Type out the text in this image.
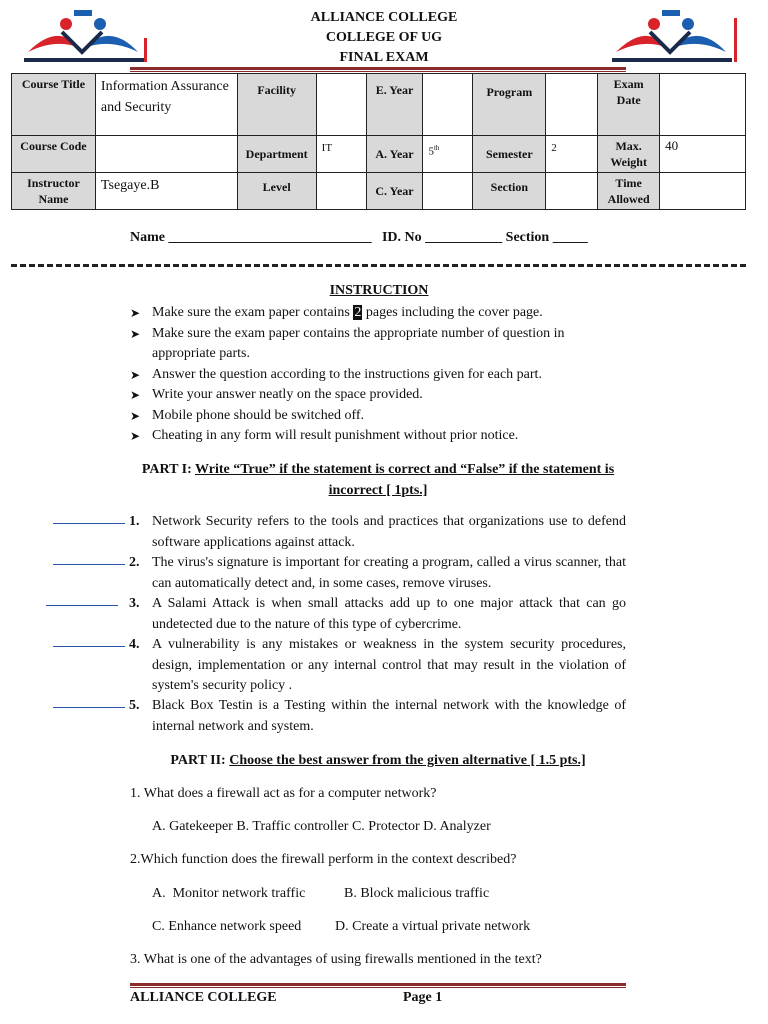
ALLIANCE COLLEGE
COLLEGE OF UG
FINAL EXAM
Course Title	Information Assurance and Security	Facility		E. Year		Program		Exam Date	
Course Code		Department	IT	A. Year	5th	Semester	2	Max. Weight	40
Instructor Name	Tsegaye.B	Level		C. Year		Section		Time Allowed	
Name _____________________________   ID. No ___________ Section _____
INSTRUCTION
➤ Make sure the exam paper contains 2 pages including the cover page.
➤ Make sure the exam paper contains the appropriate number of question in appropriate parts.
➤ Answer the question according to the instructions given for each part.
➤ Write your answer neatly on the space provided.
➤ Mobile phone should be switched off.
➤ Cheating in any form will result punishment without prior notice.
PART I: Write “True” if the statement is correct and “False” if the statement is
incorrect [ 1pts.]
1. Network Security refers to the tools and practices that organizations use to defend software applications against attack.
2. The virus's signature is important for creating a program, called a virus scanner, that can automatically detect and, in some cases, remove viruses.
3. A Salami Attack is when small attacks add up to one major attack that can go undetected due to the nature of this type of cybercrime.
4. A vulnerability is any mistakes or weakness in the system security procedures, design, implementation or any internal control that may result in the violation of system's security policy .
5. Black Box Testin is a Testing within the internal network with the knowledge of internal network and system.
PART II: Choose the best answer from the given alternative [ 1.5 pts.]
1. What does a firewall act as for a computer network?
A. Gatekeeper B. Traffic controller C. Protector D. Analyzer
2.Which function does the firewall perform in the context described?
A.  Monitor network traffic	B. Block malicious traffic
C. Enhance network speed D. Create a virtual private network
3. What is one of the advantages of using firewalls mentioned in the text?
ALLIANCE COLLEGE	Page 1
